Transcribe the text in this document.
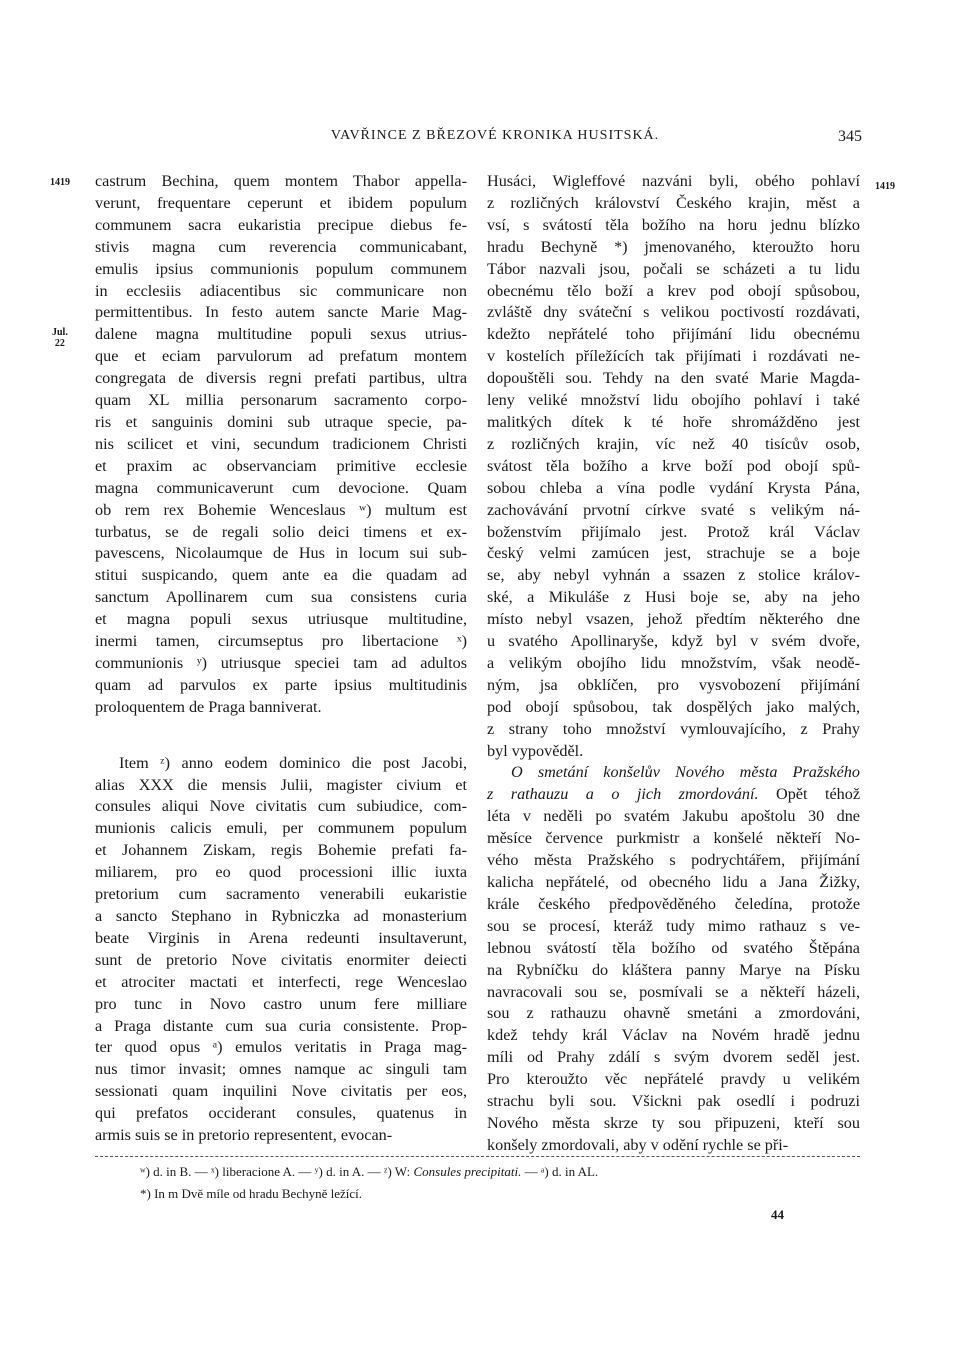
VAVŘINCE Z BŘEZOVÉ KRONIKA HUSITSKÁ.	345
1419
Jul.
22
1419
castrum Bechina, quem montem Thabor appella-
verunt, frequentare ceperunt et ibidem populum
communem sacra eukaristia precipue diebus fe-
stivis magna cum reverencia communicabant,
emulis ipsius communionis populum communem
in ecclesiis adiacentibus sic communicare non
permittentibus. In festo autem sancte Marie Mag-
dalene magna multitudine populi sexus utrius-
que et eciam parvulorum ad prefatum montem
congregata de diversis regni prefati partibus, ultra
quam XL millia personarum sacramento corpo-
ris et sanguinis domini sub utraque specie, pa-
nis scilicet et vini, secundum tradicionem Christi
et praxim ac observanciam primitive ecclesie
magna communicaverunt cum devocione. Quam
ob rem rex Bohemie Wenceslaus ʷ) multum est
turbatus, se de regali solio deici timens et ex-
pavescens, Nicolaumque de Hus in locum sui sub-
stitui suspicando, quem ante ea die quadam ad
sanctum Apollinarem cum sua consistens curia
et magna populi sexus utriusque multitudine,
inermi tamen, circumseptus pro libertacione ˣ)
communionis ʸ) utriusque speciei tam ad adultos
quam ad parvulos ex parte ipsius multitudinis
proloquentem de Praga banniverat.
Item ᶻ) anno eodem dominico die post Jacobi,
alias XXX die mensis Julii, magister civium et
consules aliqui Nove civitatis cum subiudice, com-
munionis calicis emuli, per communem populum
et Johannem Ziskam, regis Bohemie prefati fa-
miliarem, pro eo quod processioni illic iuxta
pretorium cum sacramento venerabili eukaristie
a sancto Stephano in Rybniczka ad monasterium
beate Virginis in Arena redeunti insultaverunt,
sunt de pretorio Nove civitatis enormiter deiecti
et atrociter mactati et interfecti, rege Wenceslao
pro tunc in Novo castro unum fere milliare
a Praga distante cum sua curia consistente. Prop-
ter quod opus ᵃ) emulos veritatis in Praga mag-
nus timor invasit; omnes namque ac singuli tam
sessionati quam inquilini Nove civitatis per eos,
qui prefatos occiderant consules, quatenus in
armis suis se in pretorio representent, evocan-
Husáci, Wigleffové nazváni byli, obého pohlaví
z rozličných království Českého krajin, měst a
vsí, s svátostí těla božího na horu jednu blízko
hradu Bechyně *) jmenovaného, kteroužto horu
Tábor nazvali jsou, počali se scházeti a tu lidu
obecnému tělo boží a krev pod obojí spůsobou,
zvláště dny sváteční s velikou poctivostí rozdávati,
kdežto nepřátelé toho přijímání lidu obecnému
v kostelích příležících tak přijímati i rozdávati ne-
dopouštěli sou. Tehdy na den svaté Marie Magda-
leny veliké množství lidu obojího pohlaví i také
malitkých dítek k té hoře shromážděno jest
z rozličných krajin, víc než 40 tisícův osob,
svátost těla božího a krve boží pod obojí spů-
sobou chleba a vína podle vydání Krysta Pána,
zachovávání prvotní církve svaté s velikým ná-
boženstvím přijímalo jest. Protož král Václav
český velmi zamúcen jest, strachuje se a boje
se, aby nebyl vyhnán a ssazen z stolice králov-
ské, a Mikuláše z Husi boje se, aby na jeho
místo nebyl vsazen, jehož předtím některého dne
u svatého Apollinaryše, když byl v svém dvoře,
a velikým obojího lidu množstvím, však neodě-
ným, jsa obklíčen, pro vysvobození přijímání
pod obojí spůsobou, tak dospělých jako malých,
z strany toho množství vymlouvajícího, z Prahy
byl vypověděl.
O smetání konšelův Nového města Pražského
z rathauzu a o jich zmordování. Opět téhož
léta v neděli po svatém Jakubu apoštolu 30 dne
měsíce července purkmistr a konšelé někteří No-
vého města Pražského s podrychtářem, přijímání
kalicha nepřátelé, od obecného lidu a Jana Žižky,
krále českého předpověděného čeledína, protože
sou se procesí, kteráž tudy mimo rathauz s ve-
lebnou svátostí těla božího od svatého Štěpána
na Rybníčku do kláštera panny Marye na Písku
navracovali sou se, posmívali se a někteří házeli,
sou z rathauzu ohavně smetáni a zmordováni,
kdež tehdy král Václav na Novém hradě jednu
míli od Prahy zdálí s svým dvorem seděl jest.
Pro kteroužto věc nepřátelé pravdy u velikém
strachu byli sou. Všickni pak osedlí i podruzi
Nového města skrze ty sou připuzeni, kteří sou
konšely zmordovali, aby v odění rychle se při-
ʷ) d. in B. — ˣ) liberacione A. — ʸ) d. in A. — ᶻ) W: Consules precipitati. — ᵃ) d. in AL.
*) In m Dvě míle od hradu Bechyně ležící.
44
